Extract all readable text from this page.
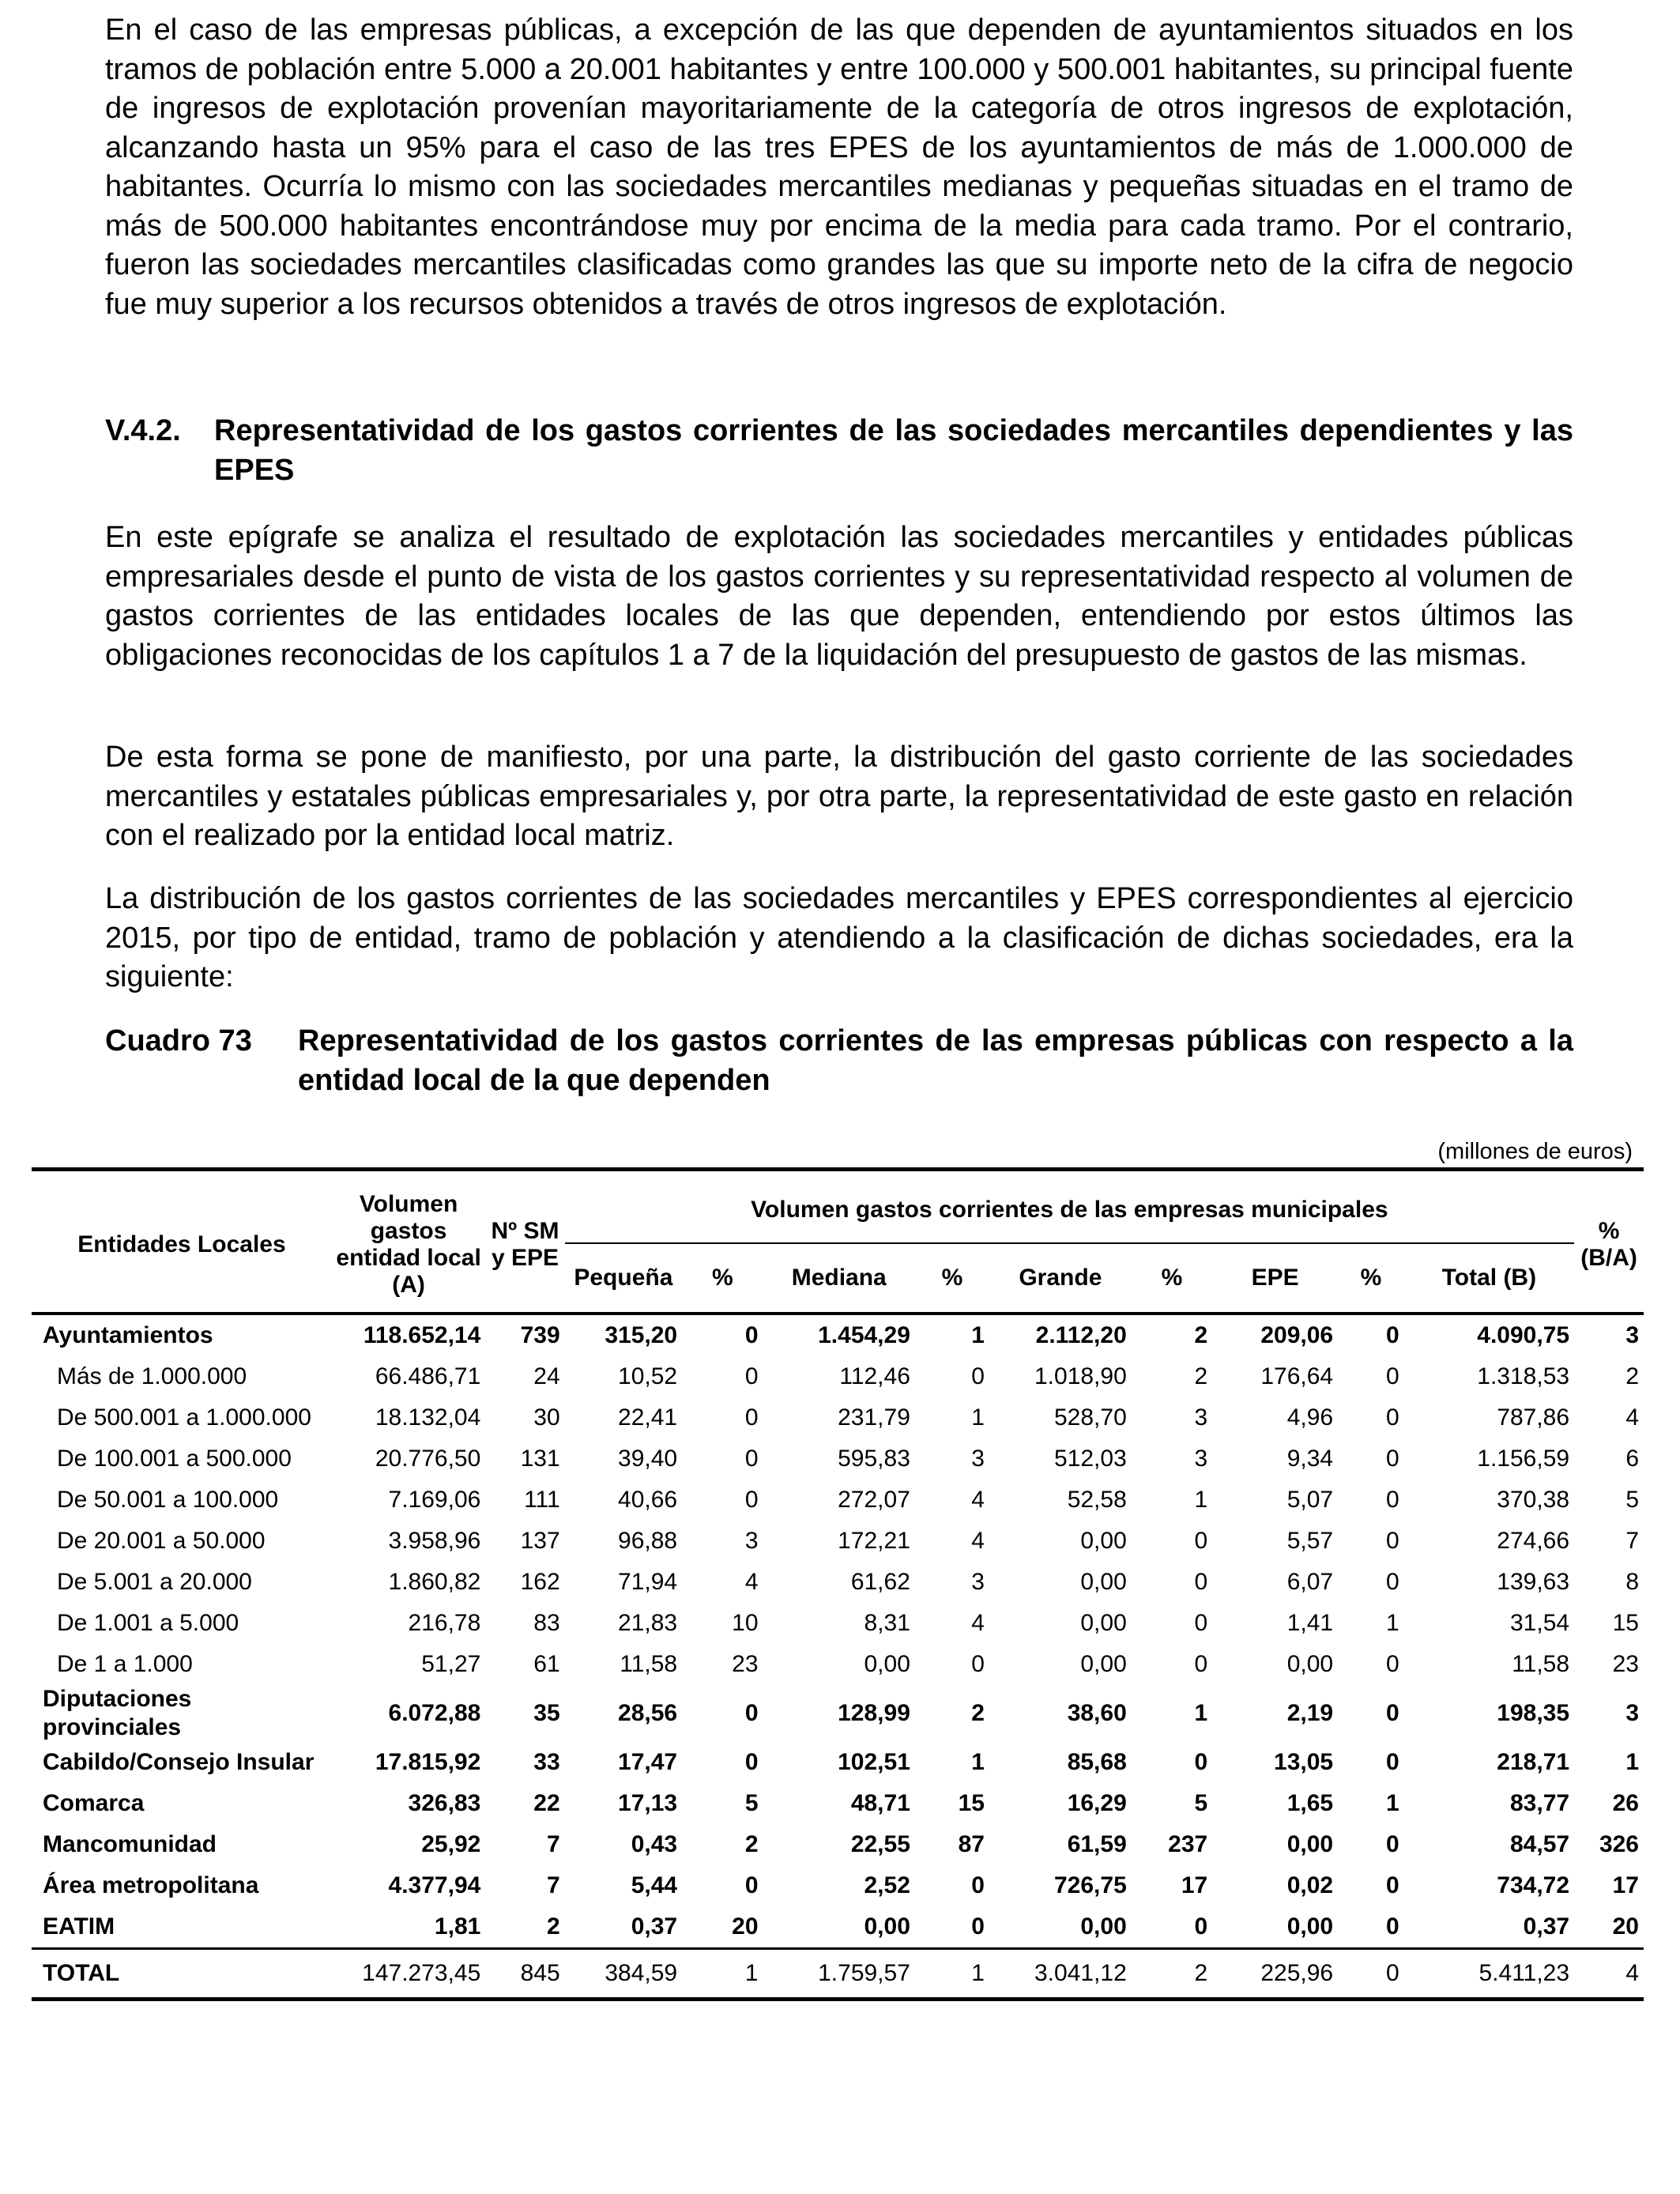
En el caso de las empresas públicas, a excepción de las que dependen de ayuntamientos situados en los tramos de población entre 5.000 a 20.001 habitantes y entre 100.000 y 500.001 habitantes, su principal fuente de ingresos de explotación provenían mayoritariamente de la categoría de otros ingresos de explotación, alcanzando hasta un 95% para el caso de las tres EPES de los ayuntamientos de más de 1.000.000 de habitantes. Ocurría lo mismo con las sociedades mercantiles medianas y pequeñas situadas en el tramo de más de 500.000 habitantes encontrándose muy por encima de la media para cada tramo. Por el contrario, fueron las sociedades mercantiles clasificadas como grandes las que su importe neto de la cifra de negocio fue muy superior a los recursos obtenidos a través de otros ingresos de explotación.

V.4.2.	Representatividad de los gastos corrientes de las sociedades mercantiles dependientes y las EPES

En este epígrafe se analiza el resultado de explotación las sociedades mercantiles y entidades públicas empresariales desde el punto de vista de los gastos corrientes y su representatividad respecto al volumen de gastos corrientes de las entidades locales de las que dependen, entendiendo por estos últimos las obligaciones reconocidas de los capítulos 1 a 7 de la liquidación del presupuesto de gastos de las mismas.

De esta forma se pone de manifiesto, por una parte, la distribución del gasto corriente de las sociedades mercantiles y estatales públicas empresariales y, por otra parte, la representatividad de este gasto en relación con el realizado por la entidad local matriz.

La distribución de los gastos corrientes de las sociedades mercantiles y EPES correspondientes al ejercicio 2015, por tipo de entidad, tramo de población y atendiendo a la clasificación de dichas sociedades, era la siguiente:

Cuadro 73	Representatividad de los gastos corrientes de las empresas públicas con respecto a la entidad local de la que dependen
(millones de euros)
Entidades Locales	Volumen gastos entidad local (A)	Nº SM y EPE	Volumen gastos corrientes de las empresas municipales									% (B/A)
			Pequeña	%	Mediana	%	Grande	%	EPE	%	Total (B)	
Ayuntamientos	118.652,14	739	315,20	0	1.454,29	1	2.112,20	2	209,06	0	4.090,75	3
Más de 1.000.000	66.486,71	24	10,52	0	112,46	0	1.018,90	2	176,64	0	1.318,53	2
De 500.001 a 1.000.000	18.132,04	30	22,41	0	231,79	1	528,70	3	4,96	0	787,86	4
De 100.001 a 500.000	20.776,50	131	39,40	0	595,83	3	512,03	3	9,34	0	1.156,59	6
De 50.001 a 100.000	7.169,06	111	40,66	0	272,07	4	52,58	1	5,07	0	370,38	5
De 20.001 a 50.000	3.958,96	137	96,88	3	172,21	4	0,00	0	5,57	0	274,66	7
De 5.001 a 20.000	1.860,82	162	71,94	4	61,62	3	0,00	0	6,07	0	139,63	8
De 1.001 a 5.000	216,78	83	21,83	10	8,31	4	0,00	0	1,41	1	31,54	15
De 1 a 1.000	51,27	61	11,58	23	0,00	0	0,00	0	0,00	0	11,58	23
Diputaciones provinciales	6.072,88	35	28,56	0	128,99	2	38,60	1	2,19	0	198,35	3
Cabildo/Consejo Insular	17.815,92	33	17,47	0	102,51	1	85,68	0	13,05	0	218,71	1
Comarca	326,83	22	17,13	5	48,71	15	16,29	5	1,65	1	83,77	26
Mancomunidad	25,92	7	0,43	2	22,55	87	61,59	237	0,00	0	84,57	326
Área metropolitana	4.377,94	7	5,44	0	2,52	0	726,75	17	0,02	0	734,72	17
EATIM	1,81	2	0,37	20	0,00	0	0,00	0	0,00	0	0,37	20
TOTAL	147.273,45	845	384,59	1	1.759,57	1	3.041,12	2	225,96	0	5.411,23	4
